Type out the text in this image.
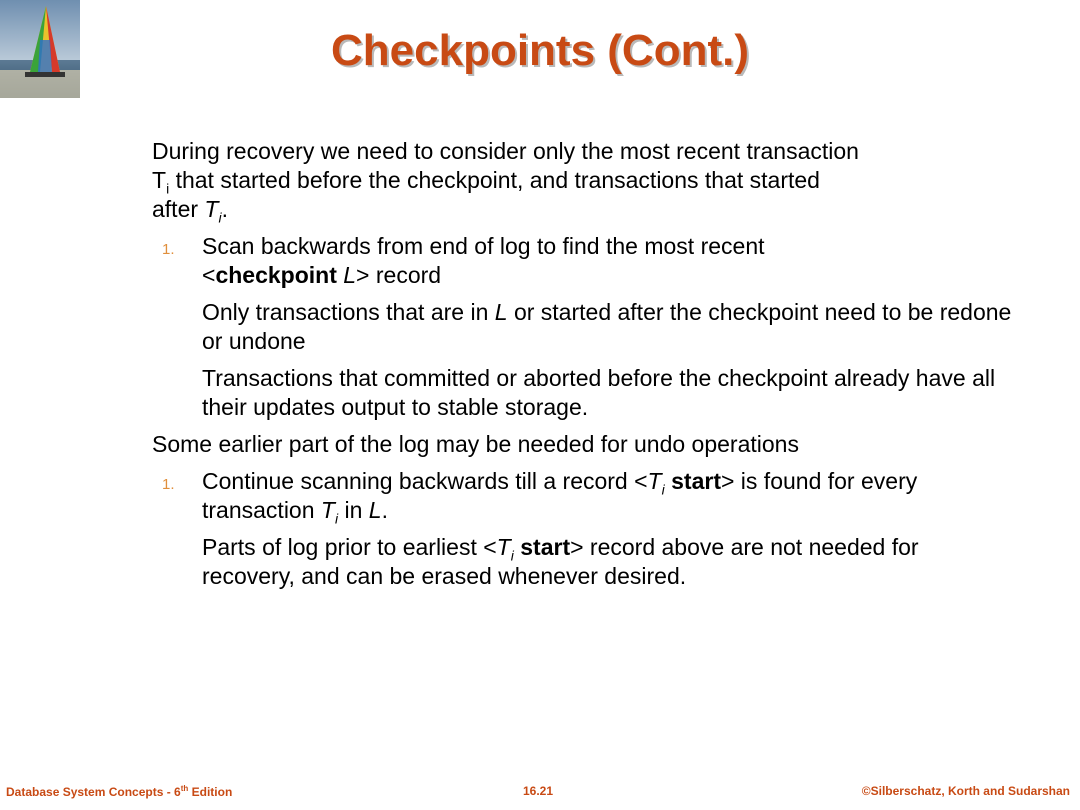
Checkpoints (Cont.)

During recovery we need to consider only the most recent transaction
$T_i$ that started before the checkpoint, and transactions that started
after $T_i$.

1. Scan backwards from end of log to find the most recent
<checkpoint L> record
Only transactions that are in L or started after the checkpoint need to be redone or undone
Transactions that committed or aborted before the checkpoint already have all their updates output to stable storage.

Some earlier part of the log may be needed for undo operations

1. Continue scanning backwards till a record $<T_i$ start> is found for every transaction $T_i$ in L.
Parts of log prior to earliest $<T_i$ start> record above are not needed for recovery, and can be erased whenever desired.
Database System Concepts - 6th Edition	16.21	©Silberschatz, Korth and Sudarshan
